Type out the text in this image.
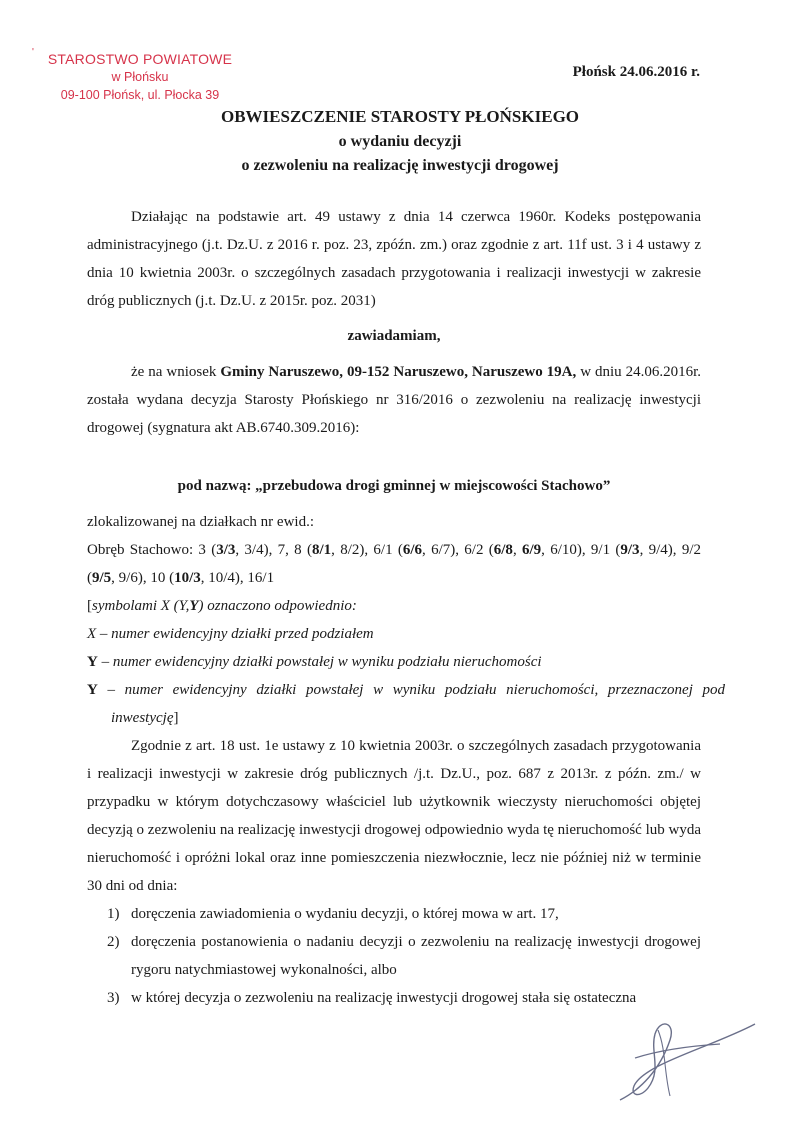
' STAROSTWO POWIATOWE
w Płońsku
09-100 Płońsk, ul. Płocka 39
Płońsk 24.06.2016 r.
OBWIESZCZENIE STAROSTY PŁOŃSKIEGO
o wydaniu decyzji
o zezwoleniu na realizację inwestycji drogowej
Działając na podstawie art. 49 ustawy z dnia 14 czerwca 1960r. Kodeks postępowania administracyjnego (j.t. Dz.U. z 2016 r. poz. 23, zpóźn. zm.) oraz zgodnie z art. 11f ust. 3 i 4 ustawy z dnia 10 kwietnia 2003r. o szczególnych zasadach przygotowania i realizacji inwestycji w zakresie dróg publicznych (j.t. Dz.U. z 2015r. poz. 2031)
zawiadamiam,
że na wniosek Gminy Naruszewo, 09-152 Naruszewo, Naruszewo 19A, w dniu 24.06.2016r. została wydana decyzja Starosty Płońskiego nr 316/2016 o zezwoleniu na realizację inwestycji drogowej (sygnatura akt AB.6740.309.2016):
pod nazwą: „przebudowa drogi gminnej w miejscowości Stachowo”
zlokalizowanej na działkach nr ewid.:
Obręb Stachowo: 3 (3/3, 3/4), 7, 8 (8/1, 8/2), 6/1 (6/6, 6/7), 6/2 (6/8, 6/9, 6/10), 9/1 (9/3, 9/4), 9/2 (9/5, 9/6), 10 (10/3, 10/4), 16/1
[symbolami X (Y,Y) oznaczono odpowiednio:
X – numer ewidencyjny działki przed podziałem
Y – numer ewidencyjny działki powstałej w wyniku podziału nieruchomości
Y – numer ewidencyjny działki powstałej w wyniku podziału nieruchomości, przeznaczonej pod inwestycję]
Zgodnie z art. 18 ust. 1e ustawy z 10 kwietnia 2003r. o szczególnych zasadach przygotowania i realizacji inwestycji w zakresie dróg publicznych /j.t. Dz.U., poz. 687 z 2013r. z późn. zm./ w przypadku w którym dotychczasowy właściciel lub użytkownik wieczysty nieruchomości objętej decyzją o zezwoleniu na realizację inwestycji drogowej odpowiednio wyda tę nieruchomość lub wyda nieruchomość i opróżni lokal oraz inne pomieszczenia niezwłocznie, lecz nie później niż w terminie 30 dni od dnia:
1) doręczenia zawiadomienia o wydaniu decyzji, o której mowa w art. 17,
2) doręczenia postanowienia o nadaniu decyzji o zezwoleniu na realizację inwestycji drogowej rygoru natychmiastowej wykonalności, albo
3) w której decyzja o zezwoleniu na realizację inwestycji drogowej stała się ostateczna
